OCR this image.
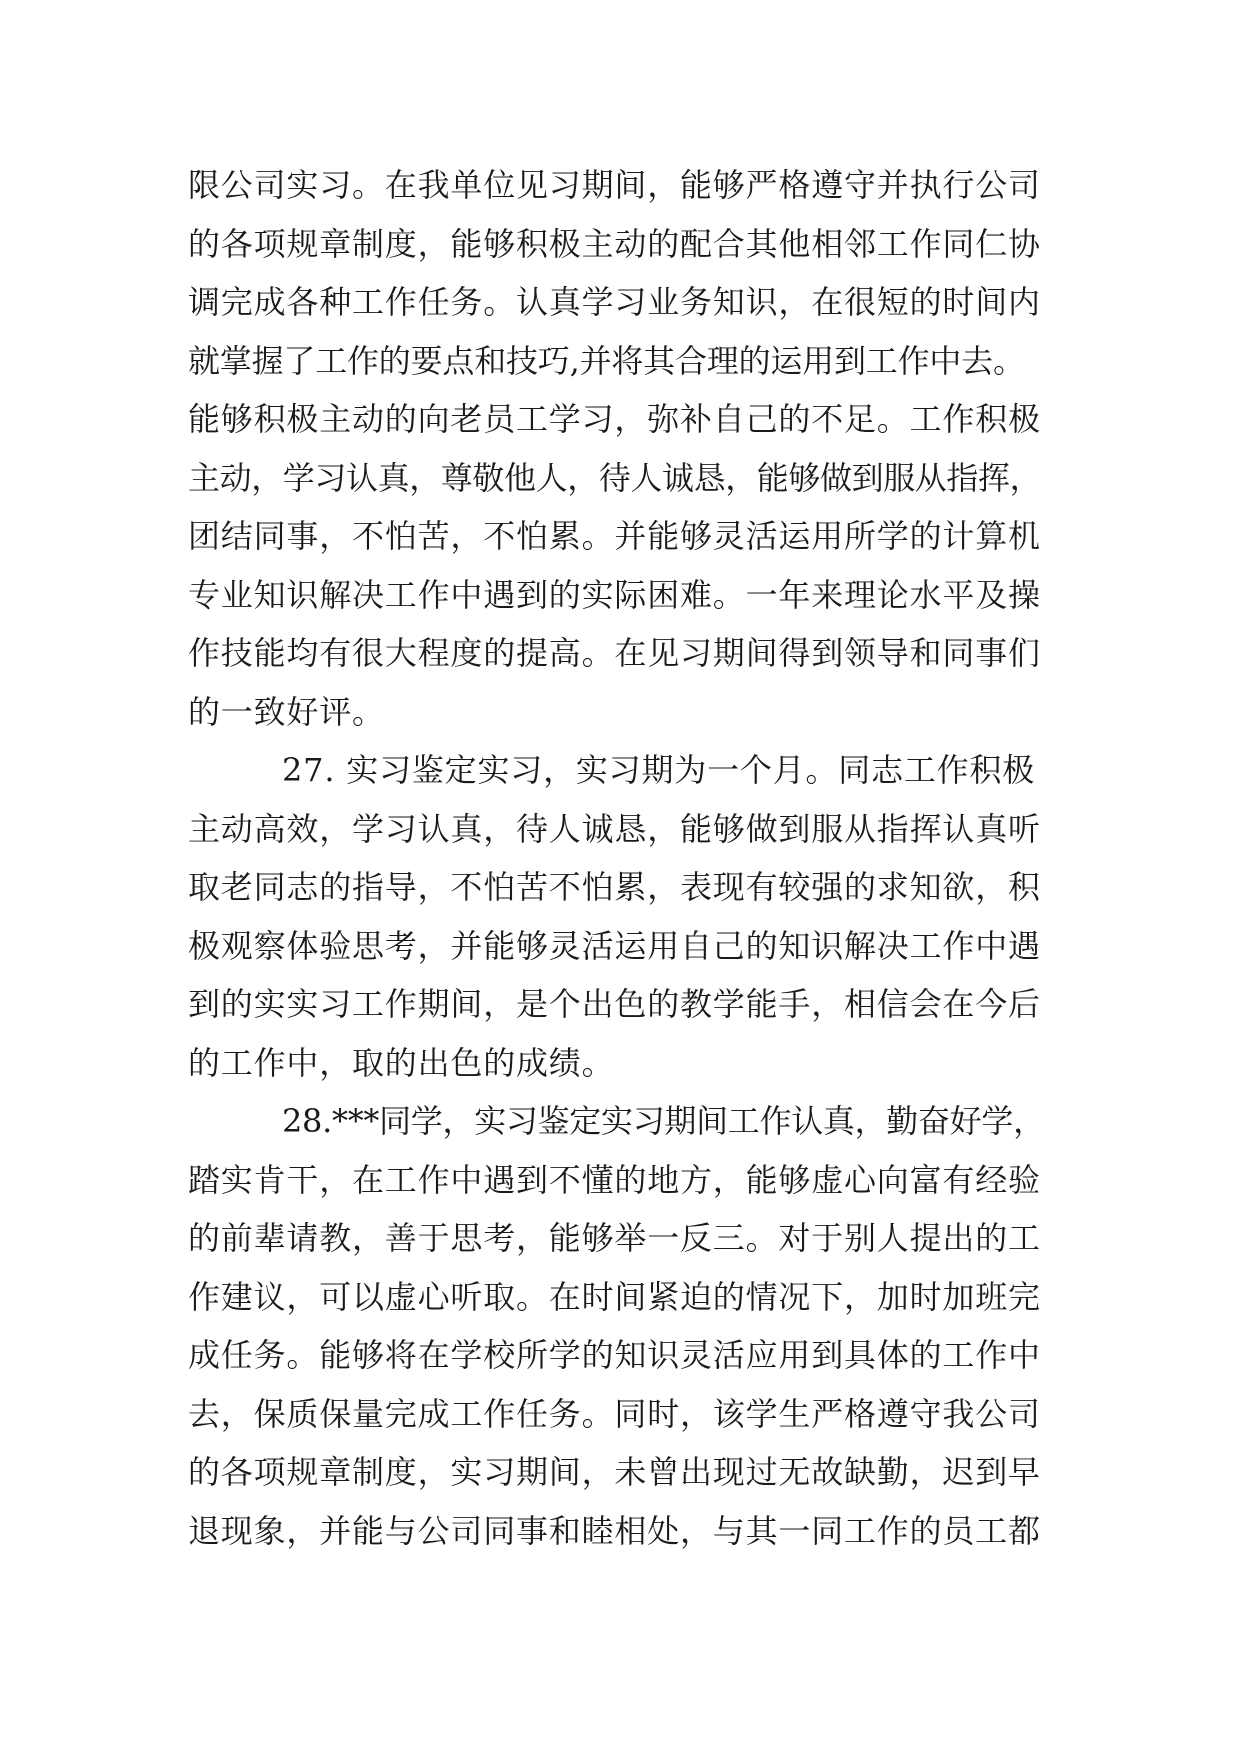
限公司实习。在我单位见习期间，能够严格遵守并执行公司
的各项规章制度，能够积极主动的配合其他相邻工作同仁协
调完成各种工作任务。认真学习业务知识，在很短的时间内
就掌握了工作的要点和技巧,并将其合理的运用到工作中去。
能够积极主动的向老员工学习，弥补自己的不足。工作积极
主动，学习认真，尊敬他人，待人诚恳，能够做到服从指挥，
团结同事，不怕苦，不怕累。并能够灵活运用所学的计算机
专业知识解决工作中遇到的实际困难。一年来理论水平及操
作技能均有很大程度的提高。在见习期间得到领导和同事们
的一致好评。
27. 实习鉴定实习，实习期为一个月。同志工作积极
主动高效，学习认真，待人诚恳，能够做到服从指挥认真听
取老同志的指导，不怕苦不怕累，表现有较强的求知欲，积
极观察体验思考，并能够灵活运用自己的知识解决工作中遇
到的实实习工作期间，是个出色的教学能手，相信会在今后
的工作中，取的出色的成绩。
28.***同学，实习鉴定实习期间工作认真，勤奋好学，
踏实肯干，在工作中遇到不懂的地方，能够虚心向富有经验
的前辈请教，善于思考，能够举一反三。对于别人提出的工
作建议，可以虚心听取。在时间紧迫的情况下，加时加班完
成任务。能够将在学校所学的知识灵活应用到具体的工作中
去，保质保量完成工作任务。同时，该学生严格遵守我公司
的各项规章制度，实习期间，未曾出现过无故缺勤，迟到早
退现象，并能与公司同事和睦相处，与其一同工作的员工都
